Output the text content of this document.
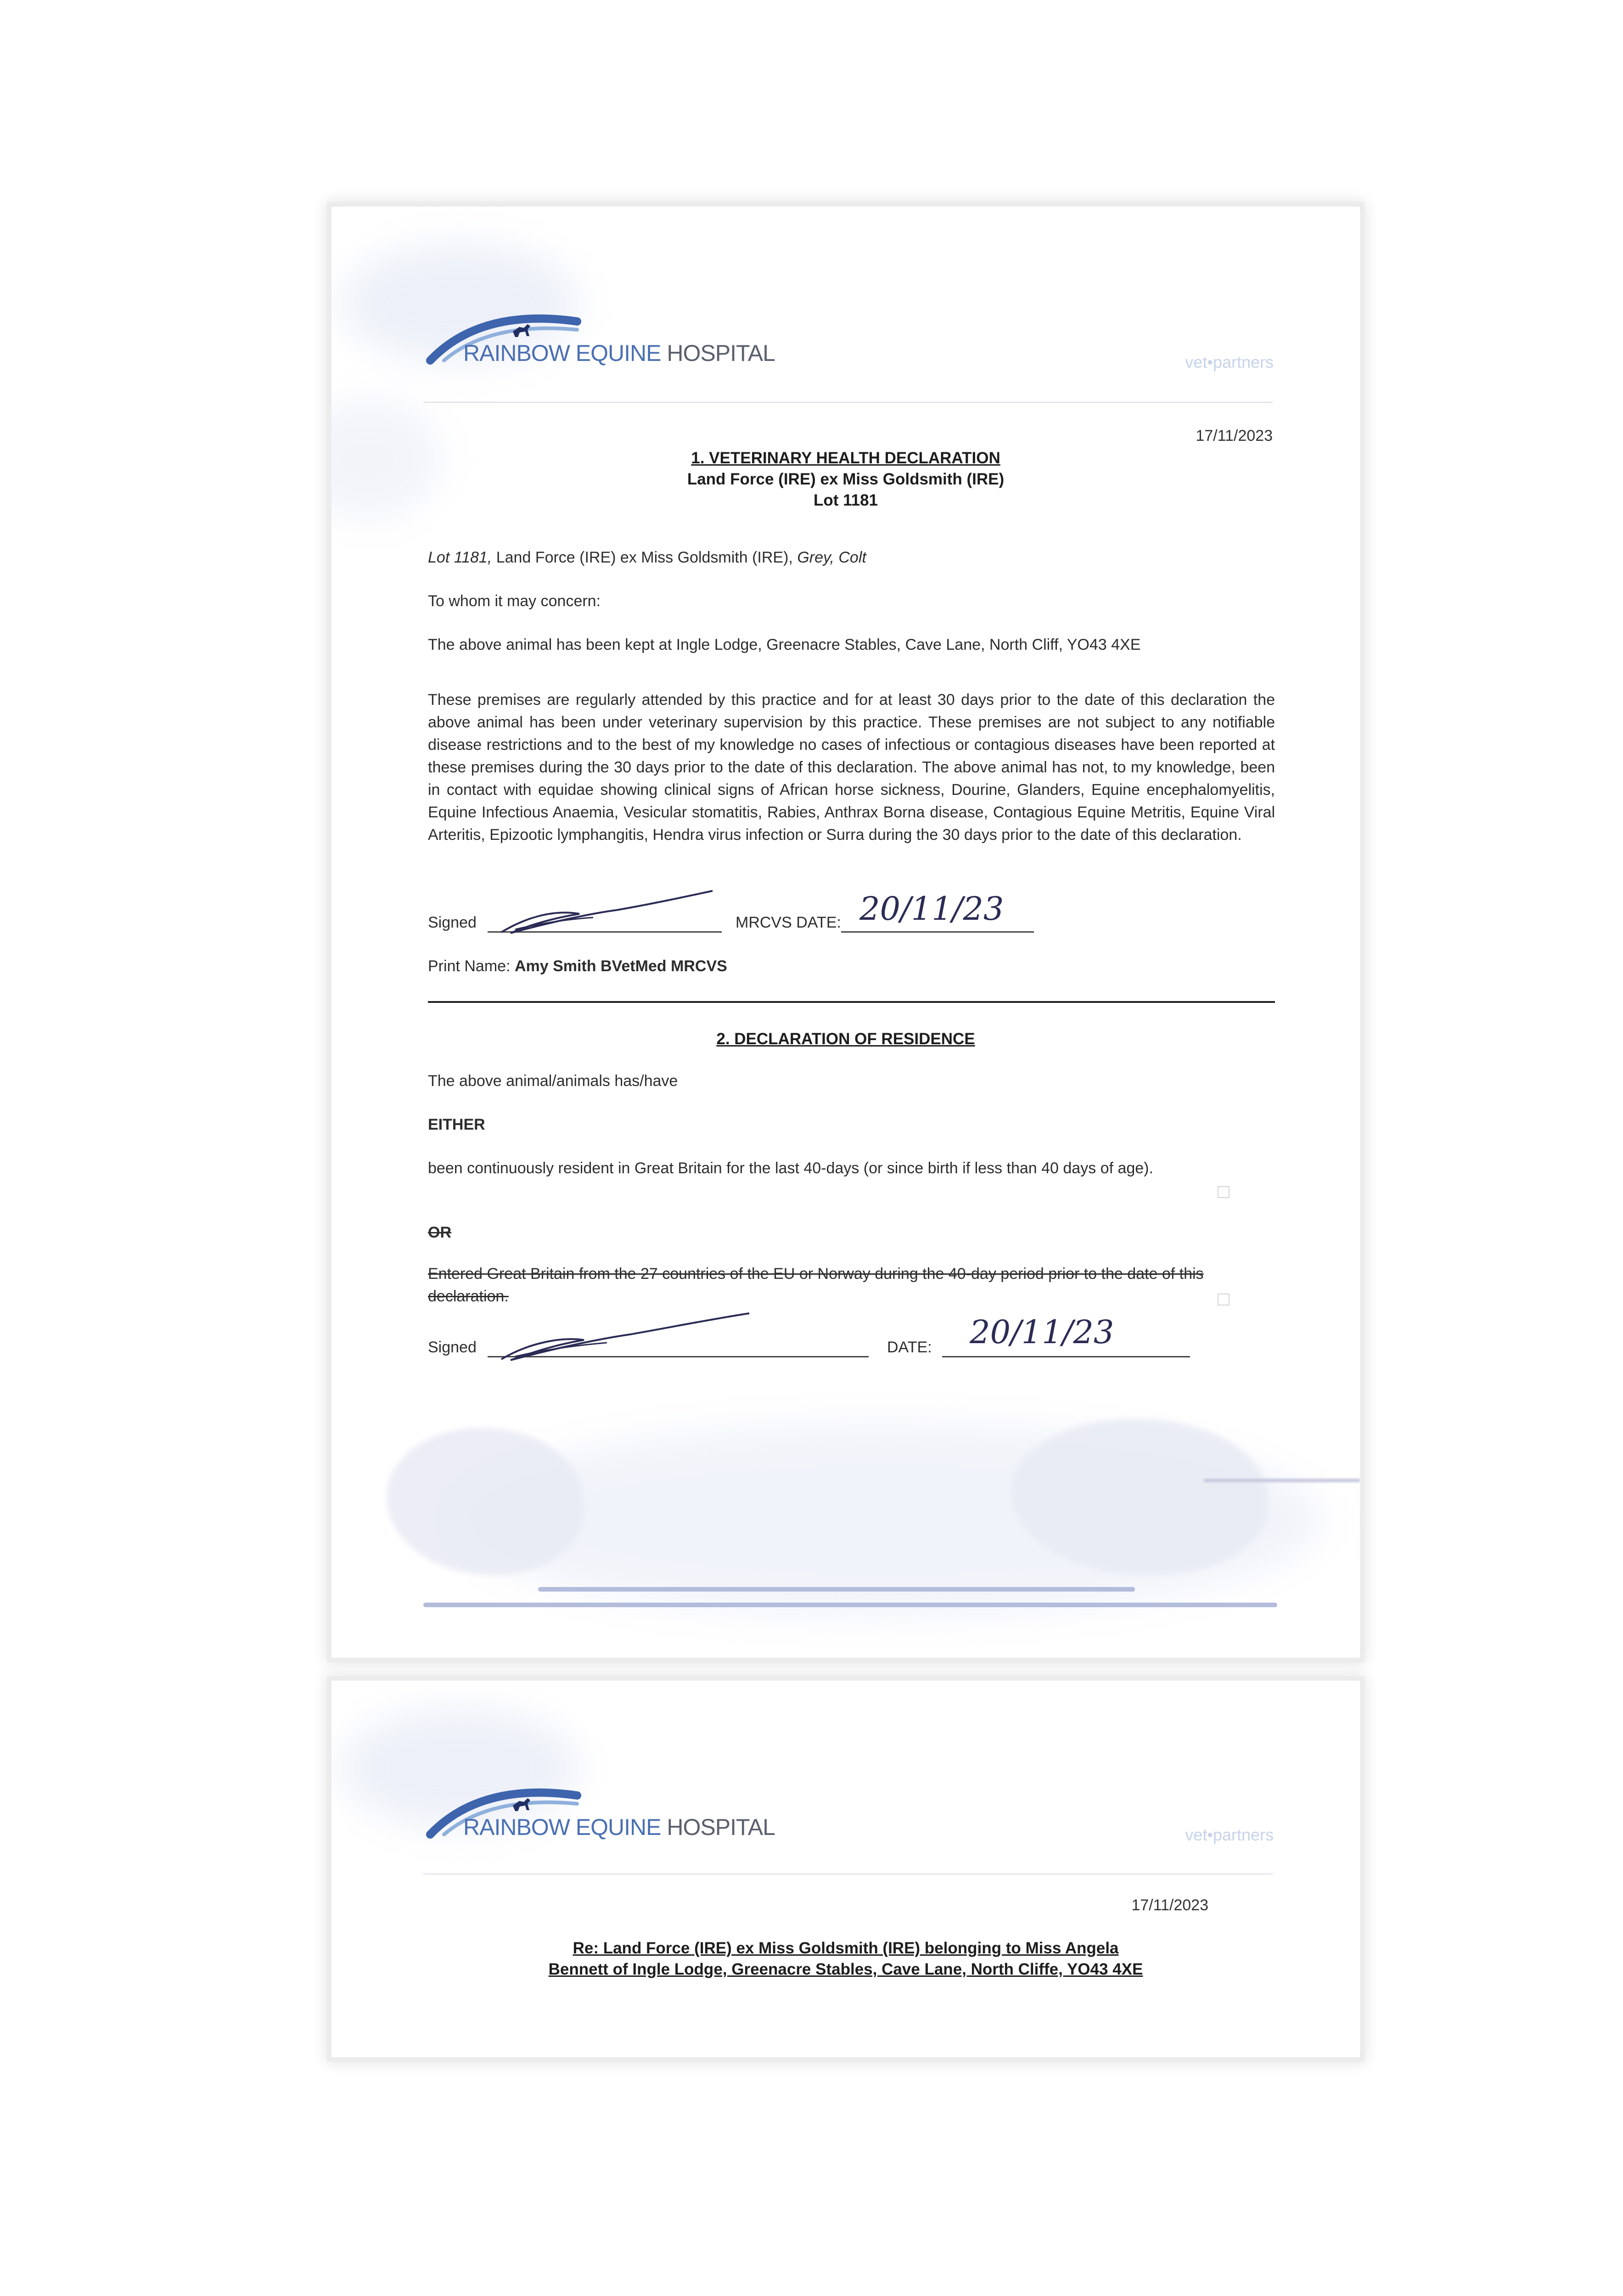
RAINBOW EQUINE HOSPITAL	vet•partners
17/11/2023
1. VETERINARY HEALTH DECLARATION
Land Force (IRE) ex Miss Goldsmith (IRE)
Lot 1181
Lot 1181, Land Force (IRE) ex Miss Goldsmith (IRE), Grey, Colt
To whom it may concern:
The above animal has been kept at Ingle Lodge, Greenacre Stables, Cave Lane, North Cliff, YO43 4XE
These premises are regularly attended by this practice and for at least 30 days prior to the date of this declaration the above animal has been under veterinary supervision by this practice. These premises are not subject to any notifiable disease restrictions and to the best of my knowledge no cases of infectious or contagious diseases have been reported at these premises during the 30 days prior to the date of this declaration. The above animal has not, to my knowledge, been in contact with equidae showing clinical signs of African horse sickness, Dourine, Glanders, Equine encephalomyelitis, Equine Infectious Anaemia, Vesicular stomatitis, Rabies, Anthrax Borna disease, Contagious Equine Metritis, Equine Viral Arteritis, Epizootic lymphangitis, Hendra virus infection or Surra during the 30 days prior to the date of this declaration.
Signed	MRCVS DATE: 20/11/23
Print Name: Amy Smith BVetMed MRCVS
2. DECLARATION OF RESIDENCE
The above animal/animals has/have
EITHER
been continuously resident in Great Britain for the last 40-days (or since birth if less than 40 days of age).
OR
Entered Great Britain from the 27 countries of the EU or Norway during the 40-day period prior to the date of this declaration.
Signed	DATE:	20/11/23
RAINBOW EQUINE HOSPITAL	vet•partners
17/11/2023
Re: Land Force (IRE) ex Miss Goldsmith (IRE) belonging to Miss Angela
Bennett of Ingle Lodge, Greenacre Stables, Cave Lane, North Cliffe, YO43 4XE
